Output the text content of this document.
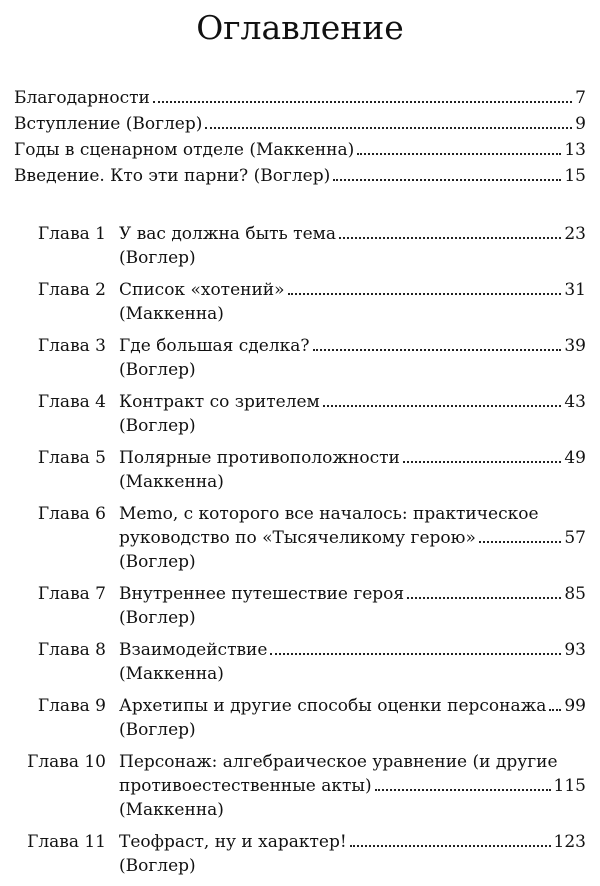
Оглавление
Благодарности	7
Вступление (Воглер)	9
Годы в сценарном отделе (Маккенна)	13
Введение. Кто эти парни? (Воглер)	15
Глава 1 У вас должна быть тема	23
(Воглер)
Глава 2 Список «хотений»	31
(Маккенна)
Глава 3 Где большая сделка?	39
(Воглер)
Глава 4 Контракт со зрителем	43
(Воглер)
Глава 5 Полярные противоположности	49
(Маккенна)
Глава 6 Memo, с которого все началось: практическое
руководство по «Тысячеликому герою»	57
(Воглер)
Глава 7 Внутреннее путешествие героя	85
(Воглер)
Глава 8 Взаимодействие	93
(Маккенна)
Глава 9 Архетипы и другие способы оценки персонажа 99
(Воглер)
Глава 10 Персонаж: алгебраическое уравнение (и другие
противоестественные акты)	115
(Маккенна)
Глава 11 Теофраст, ну и характер!	123
(Воглер)
